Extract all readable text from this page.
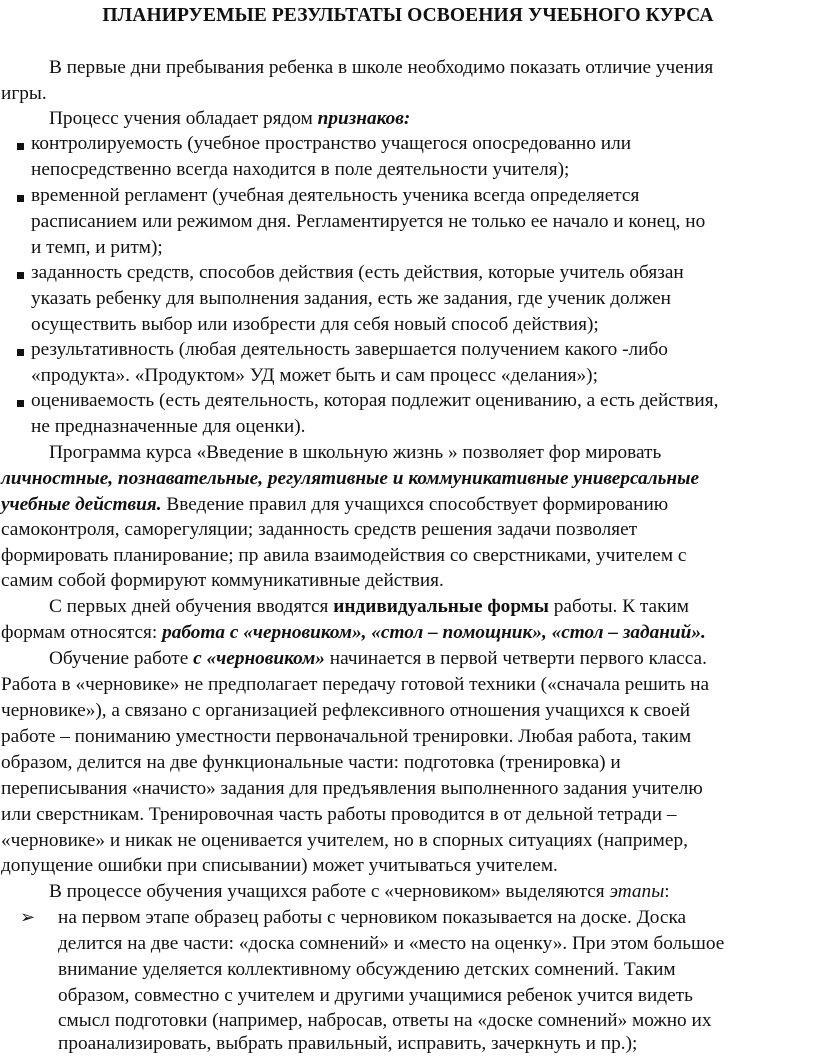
ПЛАНИРУЕМЫЕ РЕЗУЛЬТАТЫ ОСВОЕНИЯ УЧЕБНОГО КУРСА
В первые дни пребывания ребенка в школе необходимо показать отличие учения
игры.
Процесс учения обладает рядом признаков:
контролируемость (учебное пространство учащегося опосредованно или
непосредственно всегда находится в поле деятельности учителя);
временной регламент (учебная деятельность ученика всегда определяется
расписанием или режимом дня. Регламентируется не только ее начало и конец, но
и темп, и ритм);
заданность средств, способов действия (есть действия, которые учитель обязан
указать ребенку для выполнения задания, есть же задания, где ученик должен
осуществить выбор или изобрести для себя новый способ действия);
результативность (любая деятельность завершается получением какого -либо
«продукта». «Продуктом» УД может быть и сам процесс «делания»);
оцениваемость (есть деятельность, которая подлежит оцениванию, а есть действия,
не предназначенные для оценки).
Программа курса «Введение в школьную жизнь » позволяет фор мировать
личностные, познавательные, регулятивные и коммуникативные универсальные
учебные действия. Введение правил для учащихся способствует формированию
самоконтроля, саморегуляции; заданность средств решения задачи позволяет
формировать планирование; пр авила взаимодействия со сверстниками, учителем с
самим собой формируют коммуникативные действия.
С первых дней обучения вводятся индивидуальные формы работы. К таким
формам относятся: работа с «черновиком», «стол – помощник», «стол – заданий».
Обучение работе с «черновиком» начинается в первой четверти первого класса.
Работа в «черновике» не предполагает передачу готовой техники («сначала решить на
черновике»), а связано с организацией рефлексивного отношения учащихся к своей
работе – пониманию уместности первоначальной тренировки. Любая работа, таким
образом, делится на две функциональные части: подготовка (тренировка) и
переписывания «начисто» задания для предъявления выполненного задания учителю
или сверстникам. Тренировочная часть работы проводится в от дельной тетради –
«черновике» и никак не оценивается учителем, но в спорных ситуациях (например,
допущение ошибки при списывании) может учитываться учителем.
В процессе обучения учащихся работе с «черновиком» выделяются этапы:
➢ на первом этапе образец работы с черновиком показывается на доске. Доска
делится на две части: «доска сомнений» и «место на оценку». При этом большое
внимание уделяется коллективному обсуждению детских сомнений. Таким
образом, совместно с учителем и другими учащимися ребенок учится видеть
смысл подготовки (например, набросав, ответы на «доске сомнений» можно их
проанализировать, выбрать правильный, исправить, зачеркнуть и пр.);
